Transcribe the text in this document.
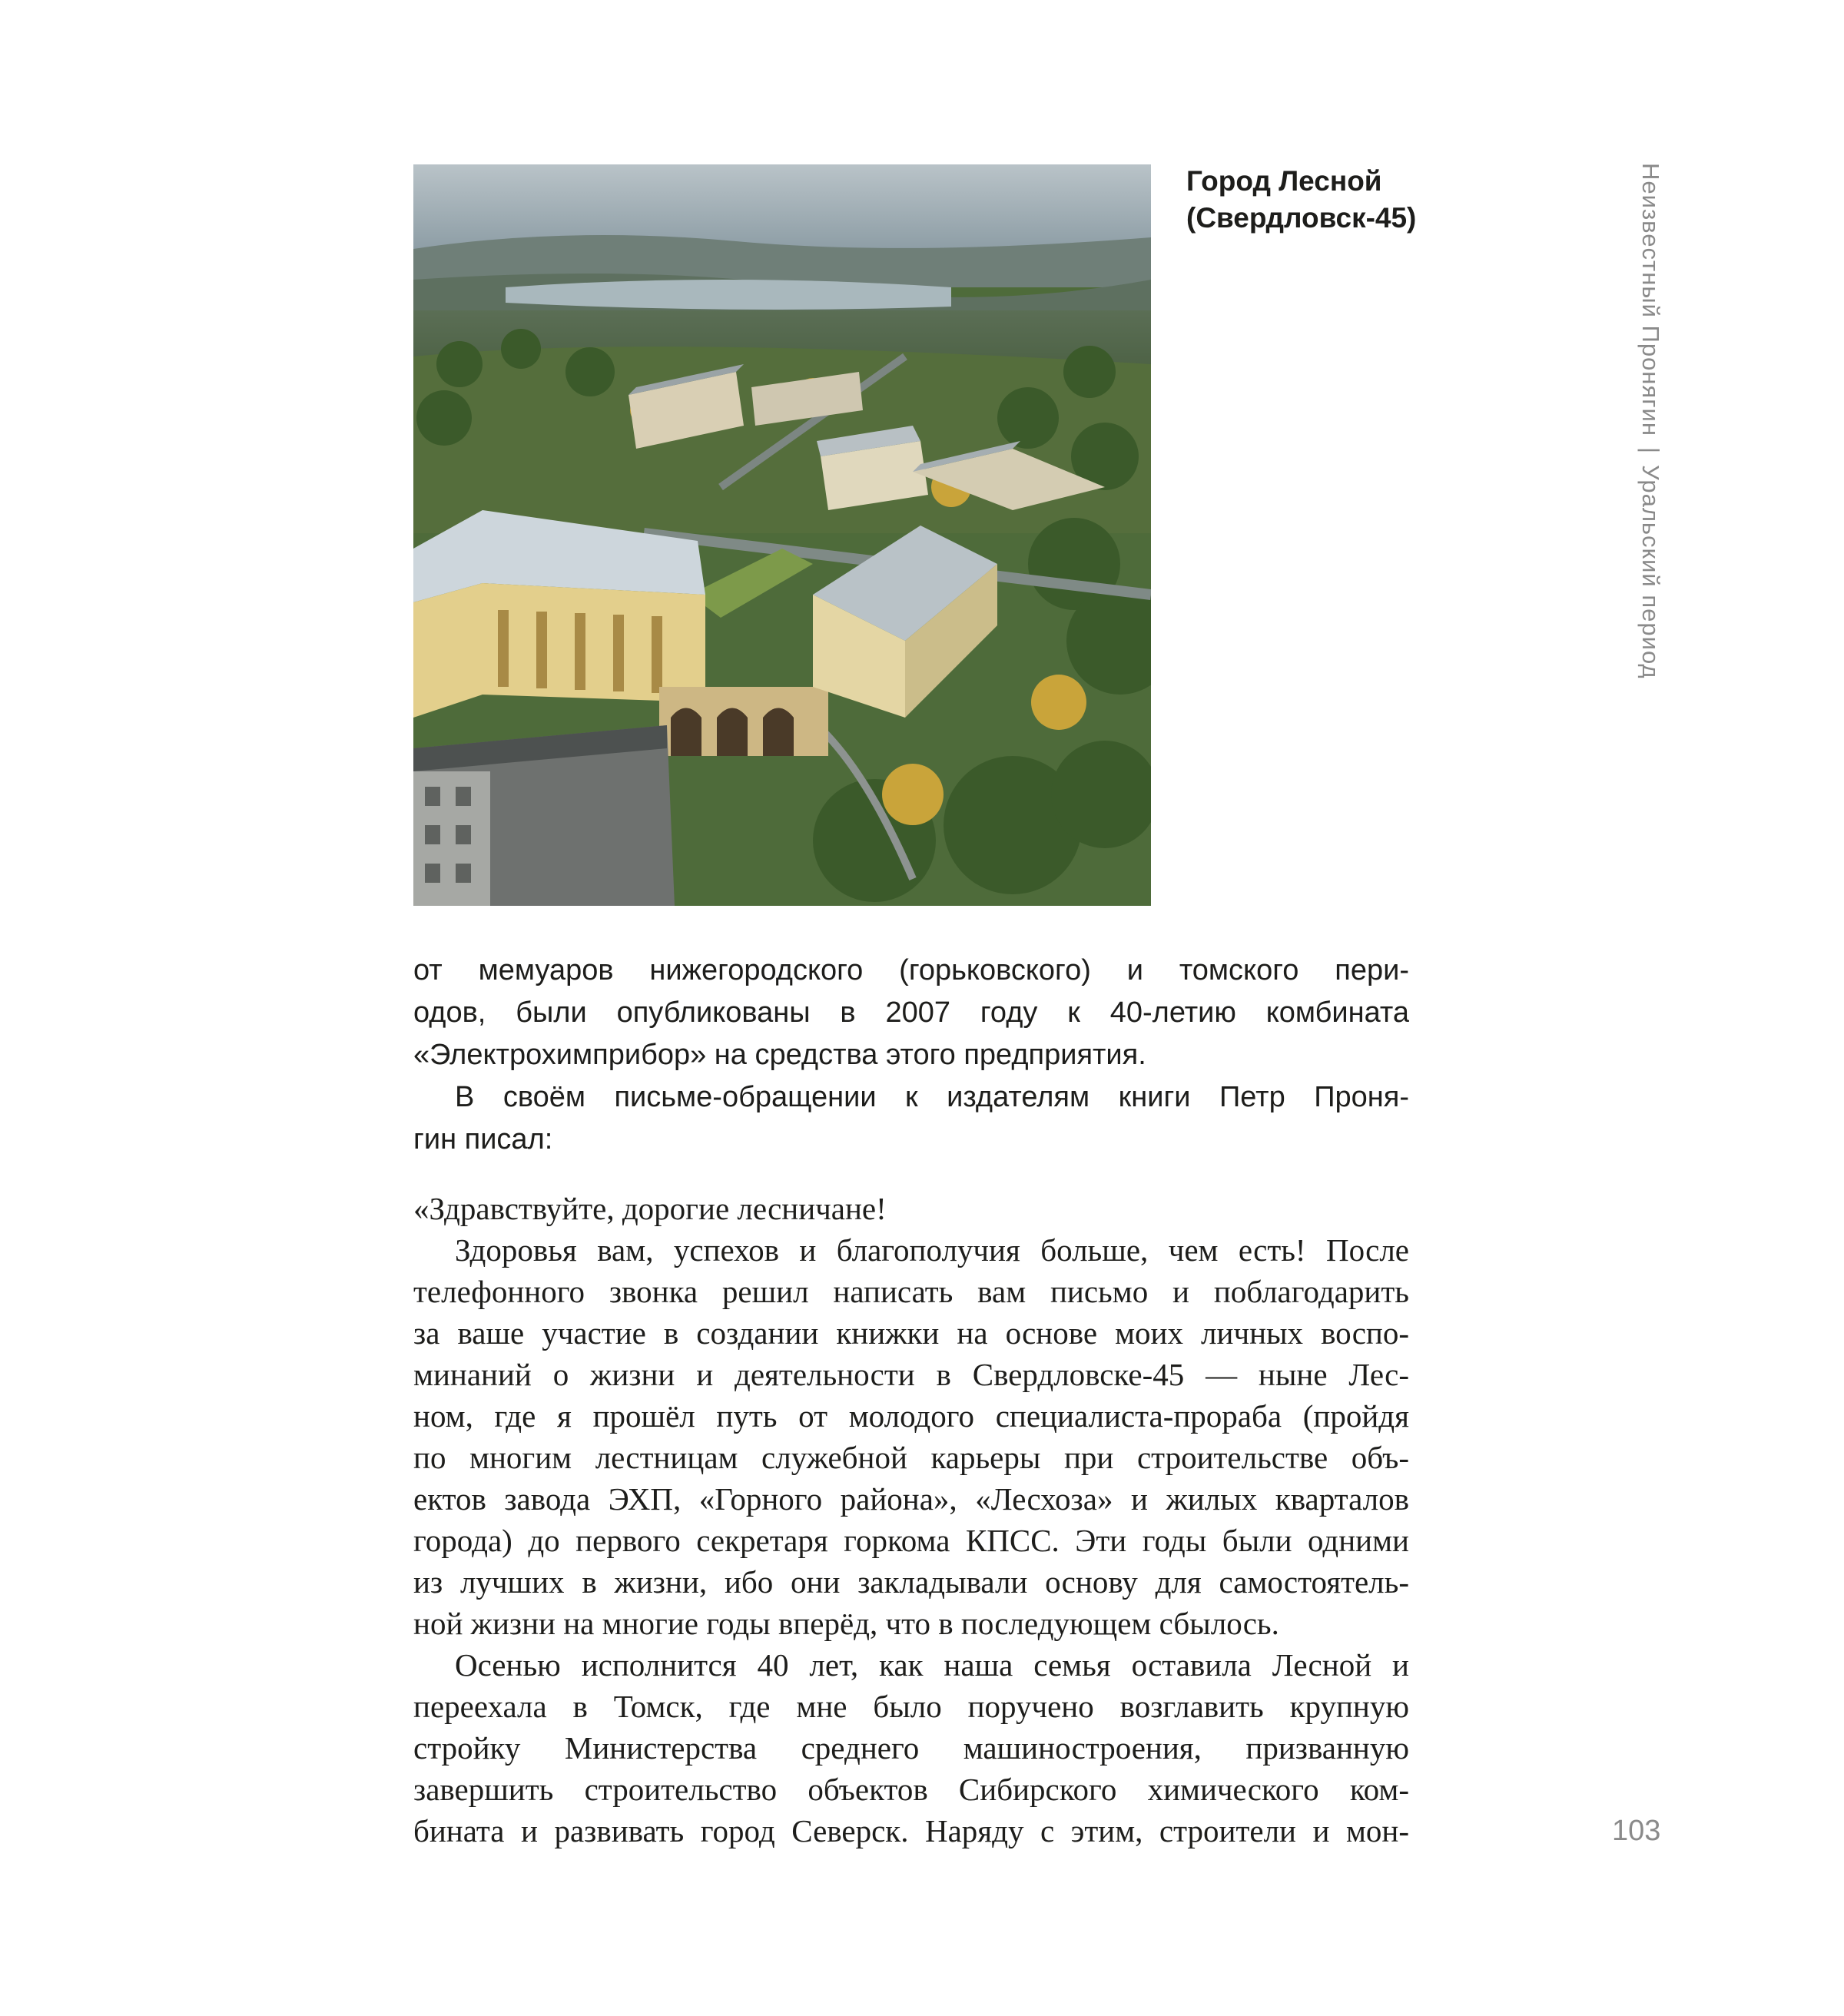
Город Лесной
(Свердловск-45)	Неизвестный Пронягин|Уральский период
103
от мемуаров нижегородского (горьковского) и томского пери-
одов, были опубликованы в 2007 году к 40-летию комбината
«Электрохимприбор» на средства этого предприятия.
В своём письме-обращении к издателям книги Петр Проня-
гин писал:
«Здравствуйте, дорогие лесничане!
Здоровья вам, успехов и благополучия больше, чем есть! После
телефонного звонка решил написать вам письмо и поблагодарить
за ваше участие в создании книжки на основе моих личных воспо-
минаний о жизни и деятельности в Свердловске-45 — ныне Лес-
ном, где я прошёл путь от молодого специалиста-прораба (пройдя
по многим лестницам служебной карьеры при строительстве объ-
ектов завода ЭХП, «Горного района», «Лесхоза» и жилых кварталов
города) до первого секретаря горкома КПСС. Эти годы были одними
из лучших в жизни, ибо они закладывали основу для самостоятель-
ной жизни на многие годы вперёд, что в последующем сбылось.
Осенью исполнится 40 лет, как наша семья оставила Лесной и
переехала в Томск, где мне было поручено возглавить крупную
стройку Министерства среднего машиностроения, призванную
завершить строительство объектов Сибирского химического ком-
бината и развивать город Северск. Наряду с этим, строители и мон-
